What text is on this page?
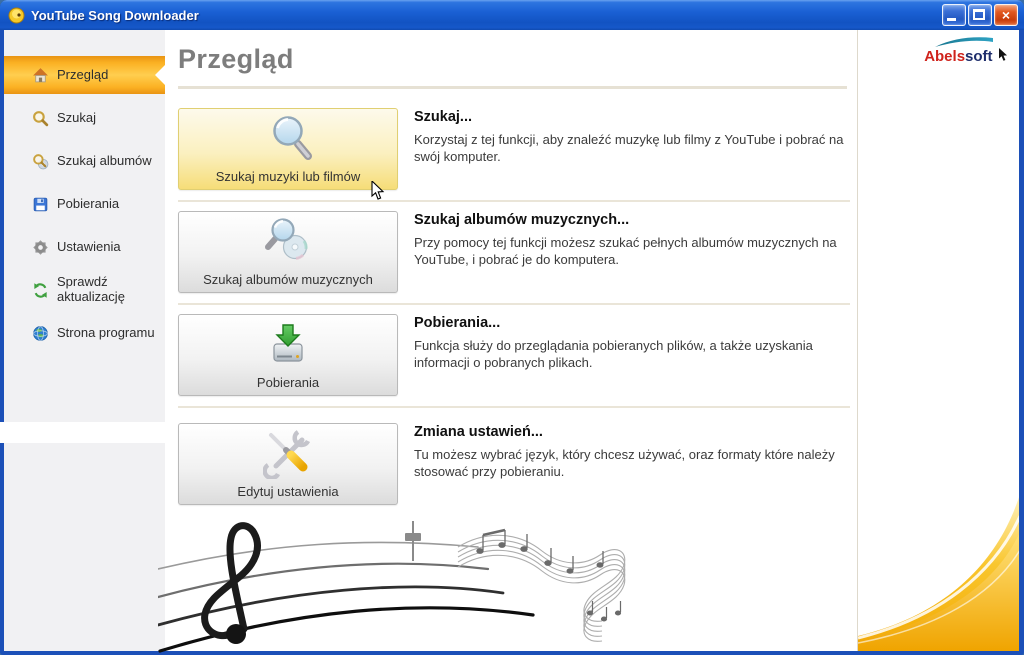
YouTube Song Downloader	×
Przegląd
Szukaj
Szukaj albumów
Pobierania
Ustawienia
Sprawdź aktualizację
Strona programu
Przegląd
Szukaj muzyki lub filmów

Szukaj...

Korzystaj z tej funkcji, aby znaleźć muzykę lub filmy z YouTube i pobrać na swój komputer.

Szukaj albumów muzycznych

Szukaj albumów muzycznych...

Przy pomocy tej funkcji możesz szukać pełnych albumów muzycznych na YouTube, i pobrać je do komputera.

Pobierania

Pobierania...

Funkcja służy do przeglądania pobieranych plików, a także uzyskania informacji o pobranych plikach.

Edytuj ustawienia

Zmiana ustawień...

Tu możesz wybrać język, który chcesz używać, oraz formaty które należy stosować przy pobieraniu.

Abelssoft
